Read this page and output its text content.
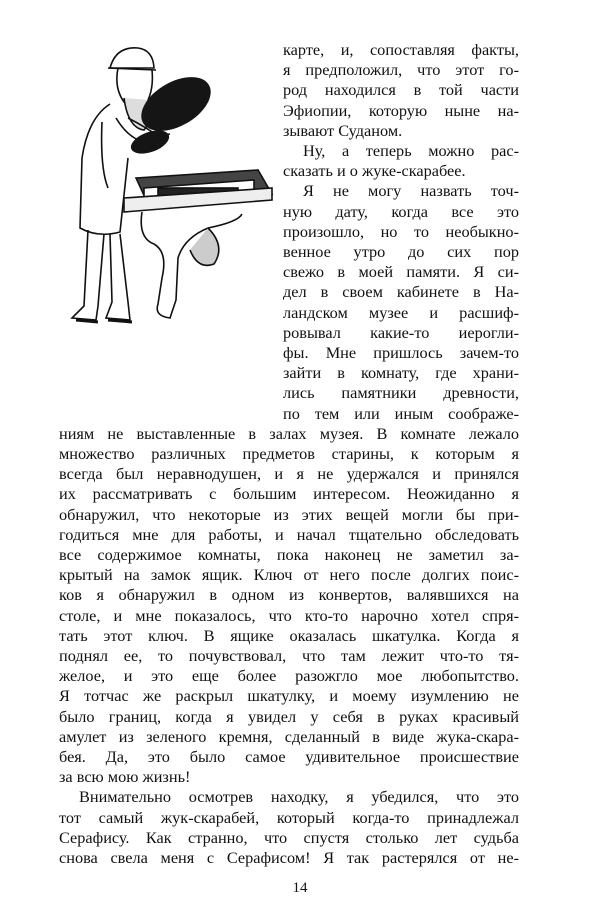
карте, и, сопоставляя факты,
я предположил, что этот го-
род находился в той части
Эфиопии, которую ныне на-
зывают Суданом.
Ну, а теперь можно рас-
сказать и о жуке-скарабее.
Я не могу назвать точ-
ную дату, когда все это
произошло, но то необыкно-
венное утро до сих пор
свежо в моей памяти. Я си-
дел в своем кабинете в На-
ландском музее и расшиф-
ровывал какие-то иерогли-
фы. Мне пришлось зачем-то
зайти в комнату, где храни-
лись памятники древности,
по тем или иным соображе-
ниям не выставленные в залах музея. В комнате лежало
множество различных предметов старины, к которым я
всегда был неравнодушен, и я не удержался и принялся
их рассматривать с большим интересом. Неожиданно я
обнаружил, что некоторые из этих вещей могли бы при-
годиться мне для работы, и начал тщательно обследовать
все содержимое комнаты, пока наконец не заметил за-
крытый на замок ящик. Ключ от него после долгих поис-
ков я обнаружил в одном из конвертов, валявшихся на
столе, и мне показалось, что кто-то нарочно хотел спря-
тать этот ключ. В ящике оказалась шкатулка. Когда я
поднял ее, то почувствовал, что там лежит что-то тя-
желое, и это еще более разожгло мое любопытство.
Я тотчас же раскрыл шкатулку, и моему изумлению не
было границ, когда я увидел у себя в руках красивый
амулет из зеленого кремня, сделанный в виде жука-скара-
бея. Да, это было самое удивительное происшествие
за всю мою жизнь!
Внимательно осмотрев находку, я убедился, что это
тот самый жук-скарабей, который когда-то принадлежал
Серафису. Как странно, что спустя столько лет судьба
снова свела меня с Серафисом! Я так растерялся от не-
14
